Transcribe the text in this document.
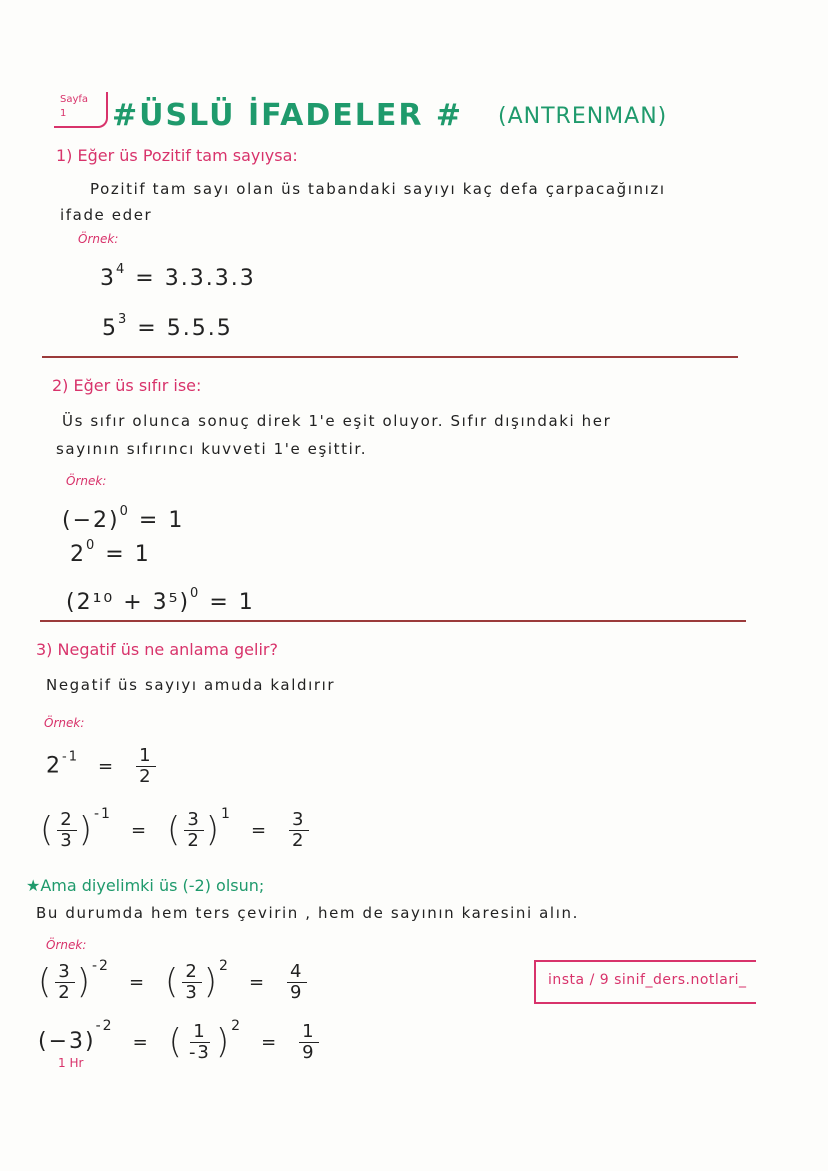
Sayfa
1 #ÜSLÜ İFADELER # (ANTRENMAN)
1) Eğer üs Pozitif tam sayıysa:
Pozitif tam sayı olan üs tabandaki sayıyı kaç defa çarpacağınızı
ifade eder
Örnek:
$3^4 = 3.3.3.3$
$5^3 = 5.5.5$
2) Eğer üs sıfır ise:
Üs sıfır olunca sonuç direk 1'e eşit oluyor. Sıfır dışındaki her
sayının sıfırıncı kuvveti 1'e eşittir.
Örnek:
$(-2)^0 = 1$
$2^0 = 1$
$(2^{10} + 3^5)^0 = 1$
3) Negatif üs ne anlama gelir?
Negatif üs sayıyı amuda kaldırır
Örnek:
$2^{-1} = \frac{1}{2}$
( $\frac{2}{3} )^{-1}$ = ( $\frac{3}{2} )^1 = \frac{3}{2}$
★Ama diyelimki üs (-2) olsun;
Bu durumda hem ters çevirin , hem de sayının karesini alın.
Örnek:
( $\frac{3}{2} )^{-2}$ = ( $\frac{2}{3} )^2 = \frac{4}{9}$
$(-3)^{-2}$ = ( $\frac{1}{-3} )^2 = \frac{1}{9}$
1 Hr
insta / 9 sinif_ders.notlari_
